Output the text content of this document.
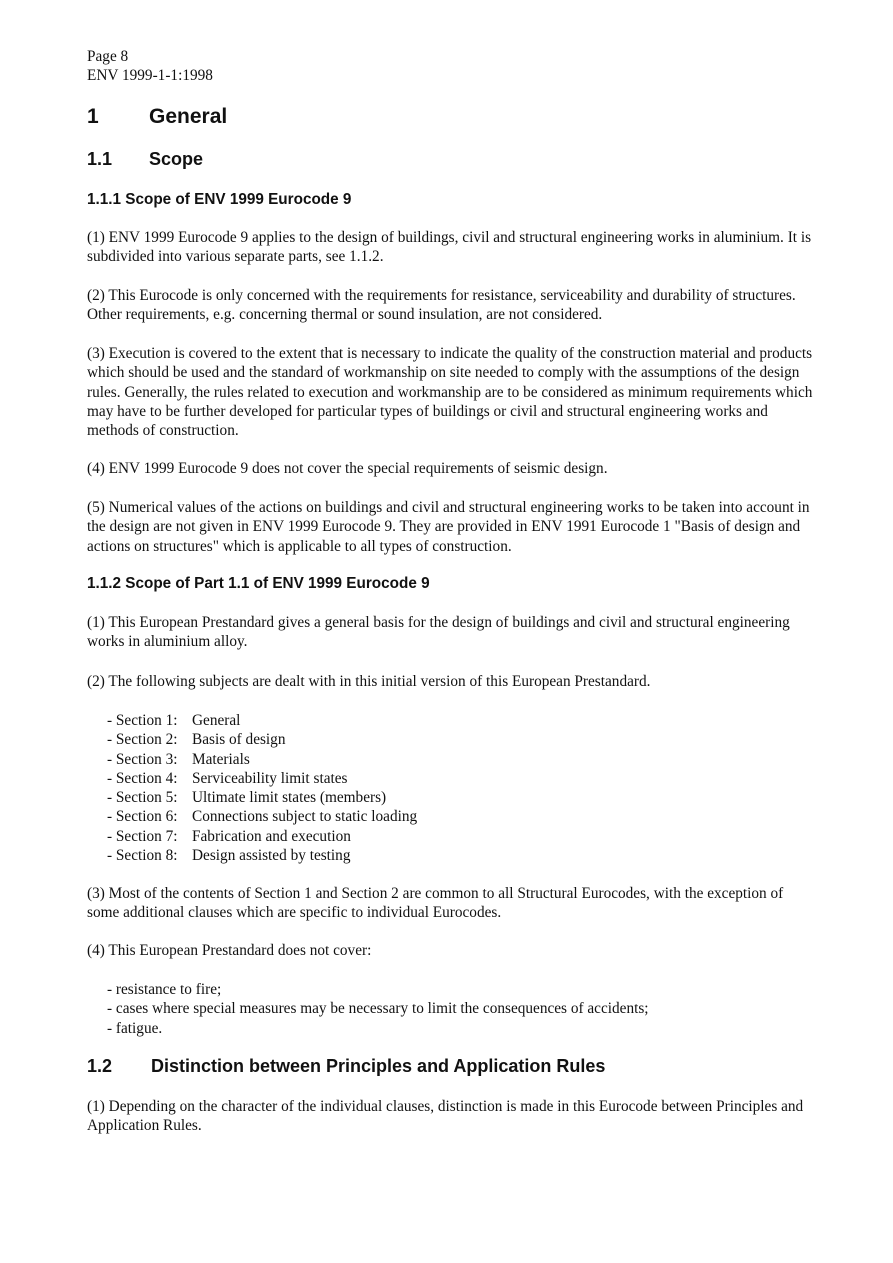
Page 8
ENV 1999-1-1:1998
1 General
1.1 Scope
1.1.1 Scope of ENV 1999 Eurocode 9

(1) ENV 1999 Eurocode 9 applies to the design of buildings, civil and structural engineering works in aluminium. It is subdivided into various separate parts, see 1.1.2.

(2) This Eurocode is only concerned with the requirements for resistance, serviceability and durability of structures. Other requirements, e.g. concerning thermal or sound insulation, are not considered.

(3) Execution is covered to the extent that is necessary to indicate the quality of the construction material and products which should be used and the standard of workmanship on site needed to comply with the assumptions of the design rules. Generally, the rules related to execution and workmanship are to be considered as minimum requirements which may have to be further developed for particular types of buildings or civil and structural engineering works and methods of construction.

(4) ENV 1999 Eurocode 9 does not cover the special requirements of seismic design.

(5) Numerical values of the actions on buildings and civil and structural engineering works to be taken into account in the design are not given in ENV 1999 Eurocode 9. They are provided in ENV 1991 Eurocode 1 "Basis of design and actions on structures" which is applicable to all types of construction.

1.1.2 Scope of Part 1.1 of ENV 1999 Eurocode 9

(1) This European Prestandard gives a general basis for the design of buildings and civil and structural engineering works in aluminium alloy.

(2) The following subjects are dealt with in this initial version of this European Prestandard.

- Section 1: General
- Section 2: Basis of design
- Section 3: Materials
- Section 4: Serviceability limit states
- Section 5: Ultimate limit states (members)
- Section 6: Connections subject to static loading
- Section 7: Fabrication and execution
- Section 8: Design assisted by testing

(3) Most of the contents of Section 1 and Section 2 are common to all Structural Eurocodes, with the exception of some additional clauses which are specific to individual Eurocodes.

(4) This European Prestandard does not cover:

- resistance to fire;
- cases where special measures may be necessary to limit the consequences of accidents;
- fatigue.
1.2 Distinction between Principles and Application Rules

(1) Depending on the character of the individual clauses, distinction is made in this Eurocode between Principles and Application Rules.
